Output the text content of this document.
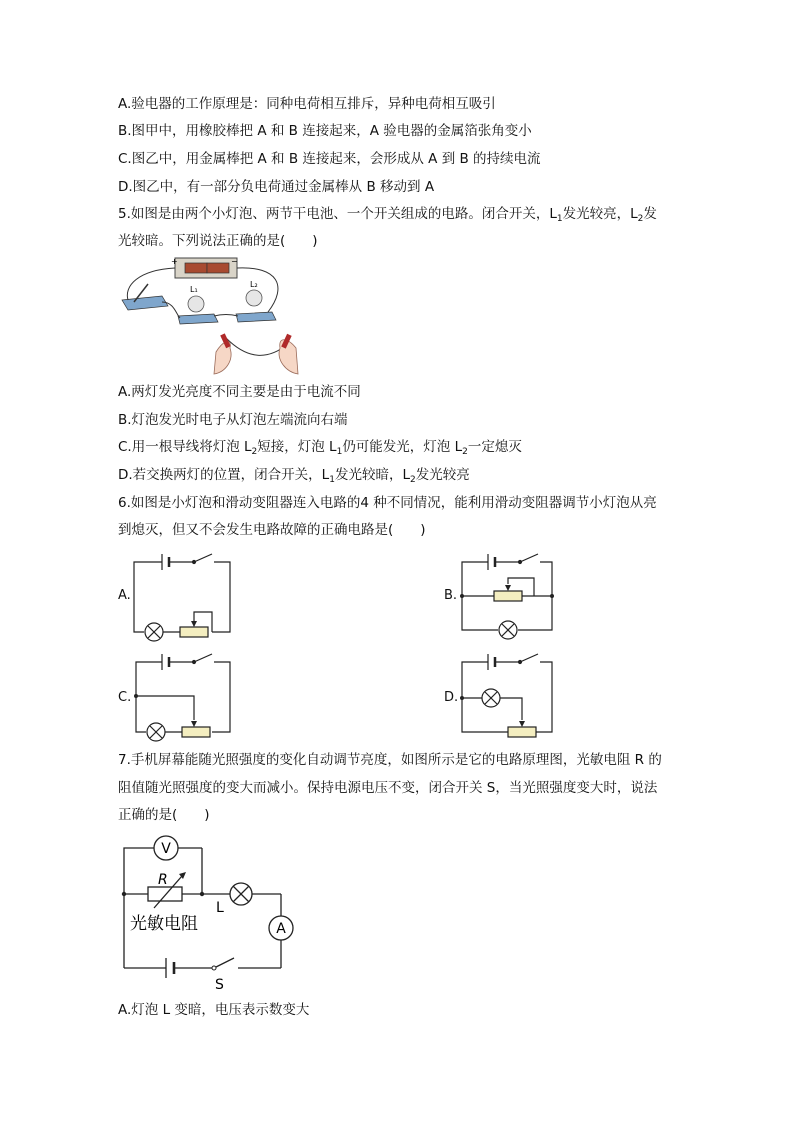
A.验电器的工作原理是：同种电荷相互排斥，异种电荷相互吸引
B.图甲中，用橡胶棒把 A 和 B 连接起来，A 验电器的金属箔张角变小
C.图乙中，用金属棒把 A 和 B 连接起来，会形成从 A 到 B 的持续电流
D.图乙中，有一部分负电荷通过金属棒从 B 移动到 A
5.如图是由两个小灯泡、两节干电池、一个开关组成的电路。闭合开关，$L_1$发光较亮，$L_2$发
光较暗。下列说法正确的是(　　)
+	−
L₁
L₂
A.两灯发光亮度不同主要是由于电流不同
B.灯泡发光时电子从灯泡左端流向右端
C.用一根导线将灯泡 $L_2$短接，灯泡 $L_1$仍可能发光，灯泡 $L_2$一定熄灭
D.若交换两灯的位置，闭合开关，$L_1$发光较暗，$L_2$发光较亮
6.如图是小灯泡和滑动变阻器连入电路的4 种不同情况，能利用滑动变阻器调节小灯泡从亮
到熄灭，但又不会发生电路故障的正确电路是(　　)
A.	B.
C.	D.
7.手机屏幕能随光照强度的变化自动调节亮度，如图所示是它的电路原理图，光敏电阻 R 的
阻值随光照强度的变大而减小。保持电源电压不变，闭合开关 S，当光照强度变大时，说法
正确的是(　　)
V
A
R
L
光敏电阻
S
A.灯泡 L 变暗，电压表示数变大
